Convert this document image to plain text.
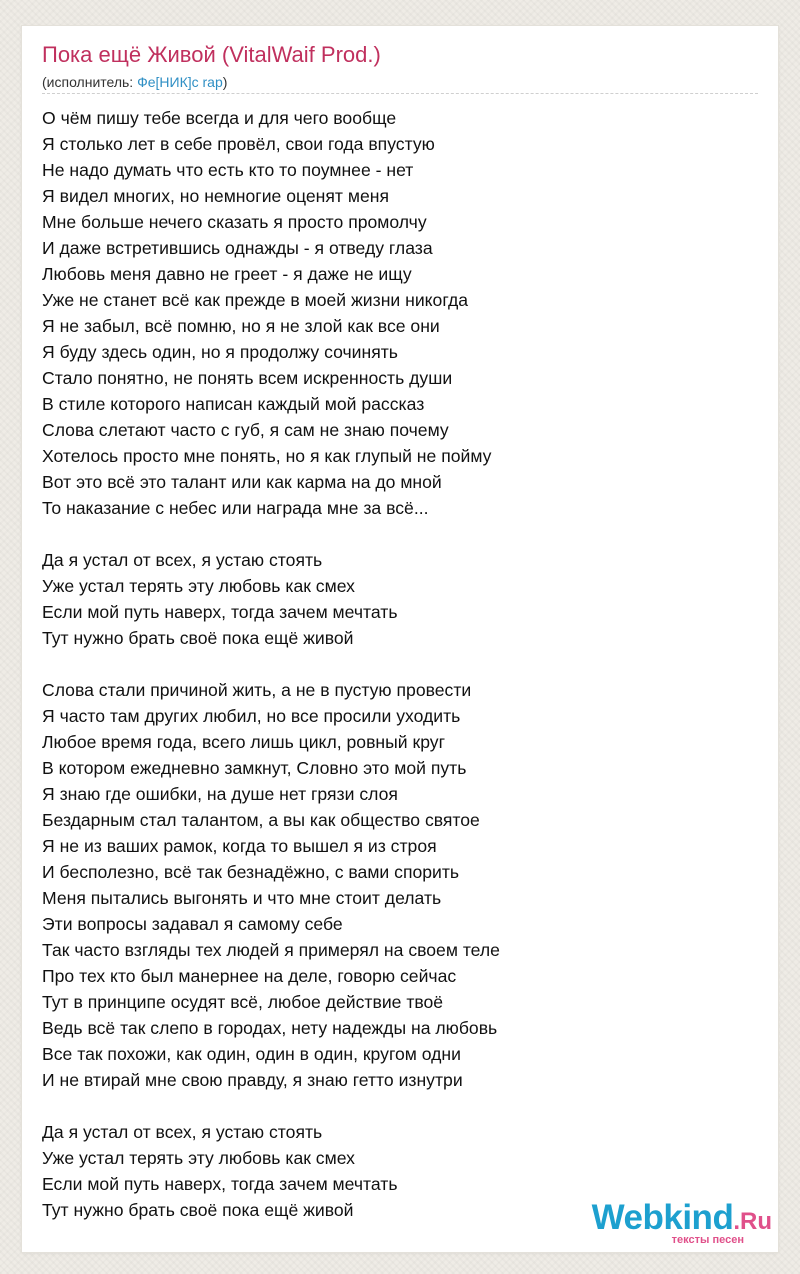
Пока ещё Живой (VitalWaif Prod.)
(исполнитель: Фе[НИК]с rap)
О чём пишу тебе всегда и для чего вообще
Я столько лет в себе провёл, свои года впустую
Не надо думать что есть кто то поумнее - нет
Я видел многих, но немногие оценят меня
Мне больше нечего сказать я просто промолчу
И даже встретившись однажды - я отведу глаза
Любовь меня давно не греет - я даже не ищу
Уже не станет всё как прежде в моей жизни никогда
Я не забыл, всё помню, но я не злой как все они
Я буду здесь один, но я продолжу сочинять
Стало понятно, не понять всем искренность души
В стиле которого написан каждый мой рассказ
Слова слетают часто с губ, я сам не знаю почему
Хотелось просто мне понять, но я как глупый не пойму
Вот это всё это талант или как карма на до мной
То наказание с небес или награда мне за всё...
Да я устал от всех, я устаю стоять
Уже устал терять эту любовь как смех
Если мой путь наверх, тогда зачем мечтать
Тут нужно брать своё пока ещё живой
Слова стали причиной жить, а не в пустую провести
Я часто там других любил, но все просили уходить
Любое время года, всего лишь цикл, ровный круг
В котором ежедневно замкнут, Словно это мой путь
Я знаю где ошибки, на душе нет грязи слоя
Бездарным стал талантом, а вы как общество святое
Я не из ваших рамок, когда то вышел я из строя
И бесполезно, всё так безнадёжно, с вами спорить
Меня пытались выгонять и что мне стоит делать
Эти вопросы задавал я самому себе
Так часто взгляды тех людей я примерял на своем теле
Про тех кто был манернее на деле, говорю сейчас
Тут в принципе осудят всё, любое действие твоё
Ведь всё так слепо в городах, нету надежды на любовь
Все так похожи, как один, один в один, кругом одни
И не втирай мне свою правду, я знаю гетто изнутри
Да я устал от всех, я устаю стоять
Уже устал терять эту любовь как смех
Если мой путь наверх, тогда зачем мечтать
Тут нужно брать своё пока ещё живой	Webkind.Ru
тексты песен
